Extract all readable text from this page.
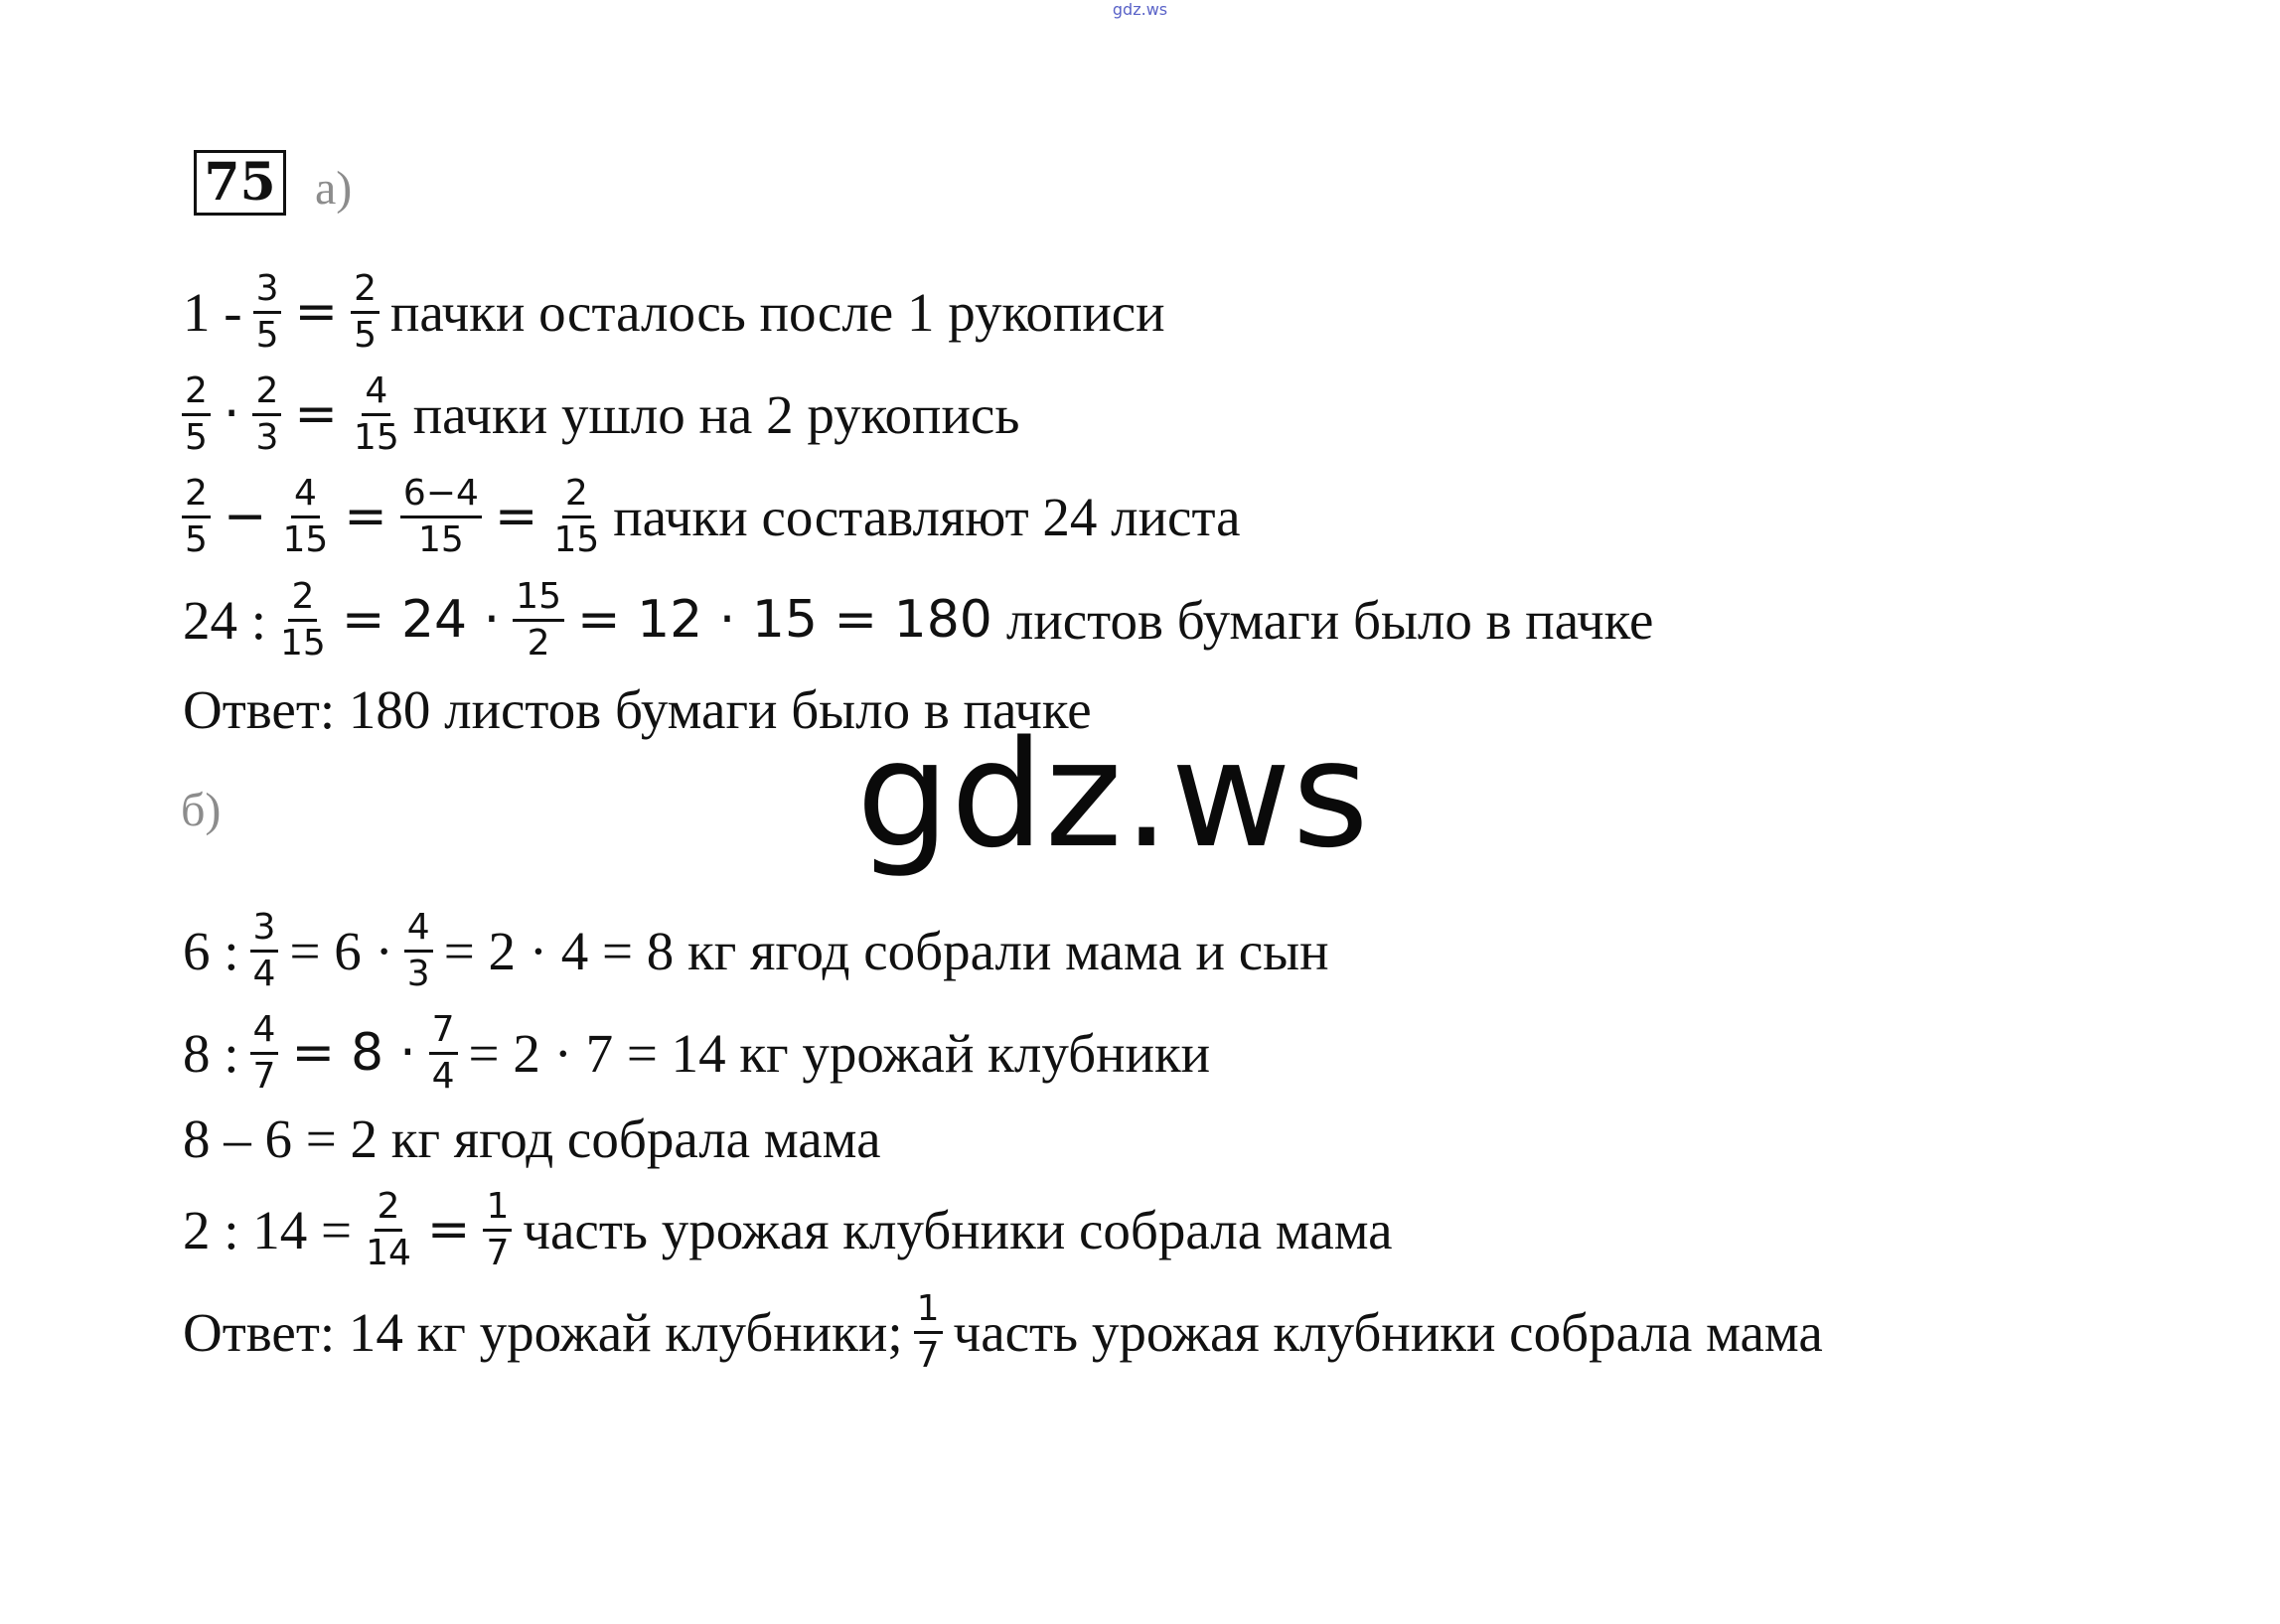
gdz.ws
75 а)
$1 - \frac{3}{5} = \frac{2}{5}$ пачки осталось после 1 рукописи
$\frac{2}{5} \cdot \frac{2}{3} = \frac{4}{15}$ пачки ушло на 2 рукопись
$\frac{2}{5} - \frac{4}{15} = \frac{6-4}{15} = \frac{2}{15}$ пачки составляют 24 листа
24 : $\frac{2}{15} = 24 \cdot \frac{15}{2} = 12 \cdot 15 = 180$ листов бумаги было в пачке
Ответ: 180 листов бумаги было в пачке
б)
6 : $\frac{3}{4} = 6 \cdot \frac{4}{3} = 2 \cdot 4 = 8$ кг ягод собрали мама и сын
8 : $\frac{4}{7} = 8 \cdot \frac{7}{4} = 2 \cdot 7 = 14$ кг урожай клубники
8 – 6 = 2 кг ягод собрала мама
2 : $14 = \frac{2}{14} = \frac{1}{7}$ часть урожая клубники собрала мама
Ответ: 14 кг урожай клубники; $\frac{1}{7}$ часть урожая клубники собрала мама
gdz.ws
